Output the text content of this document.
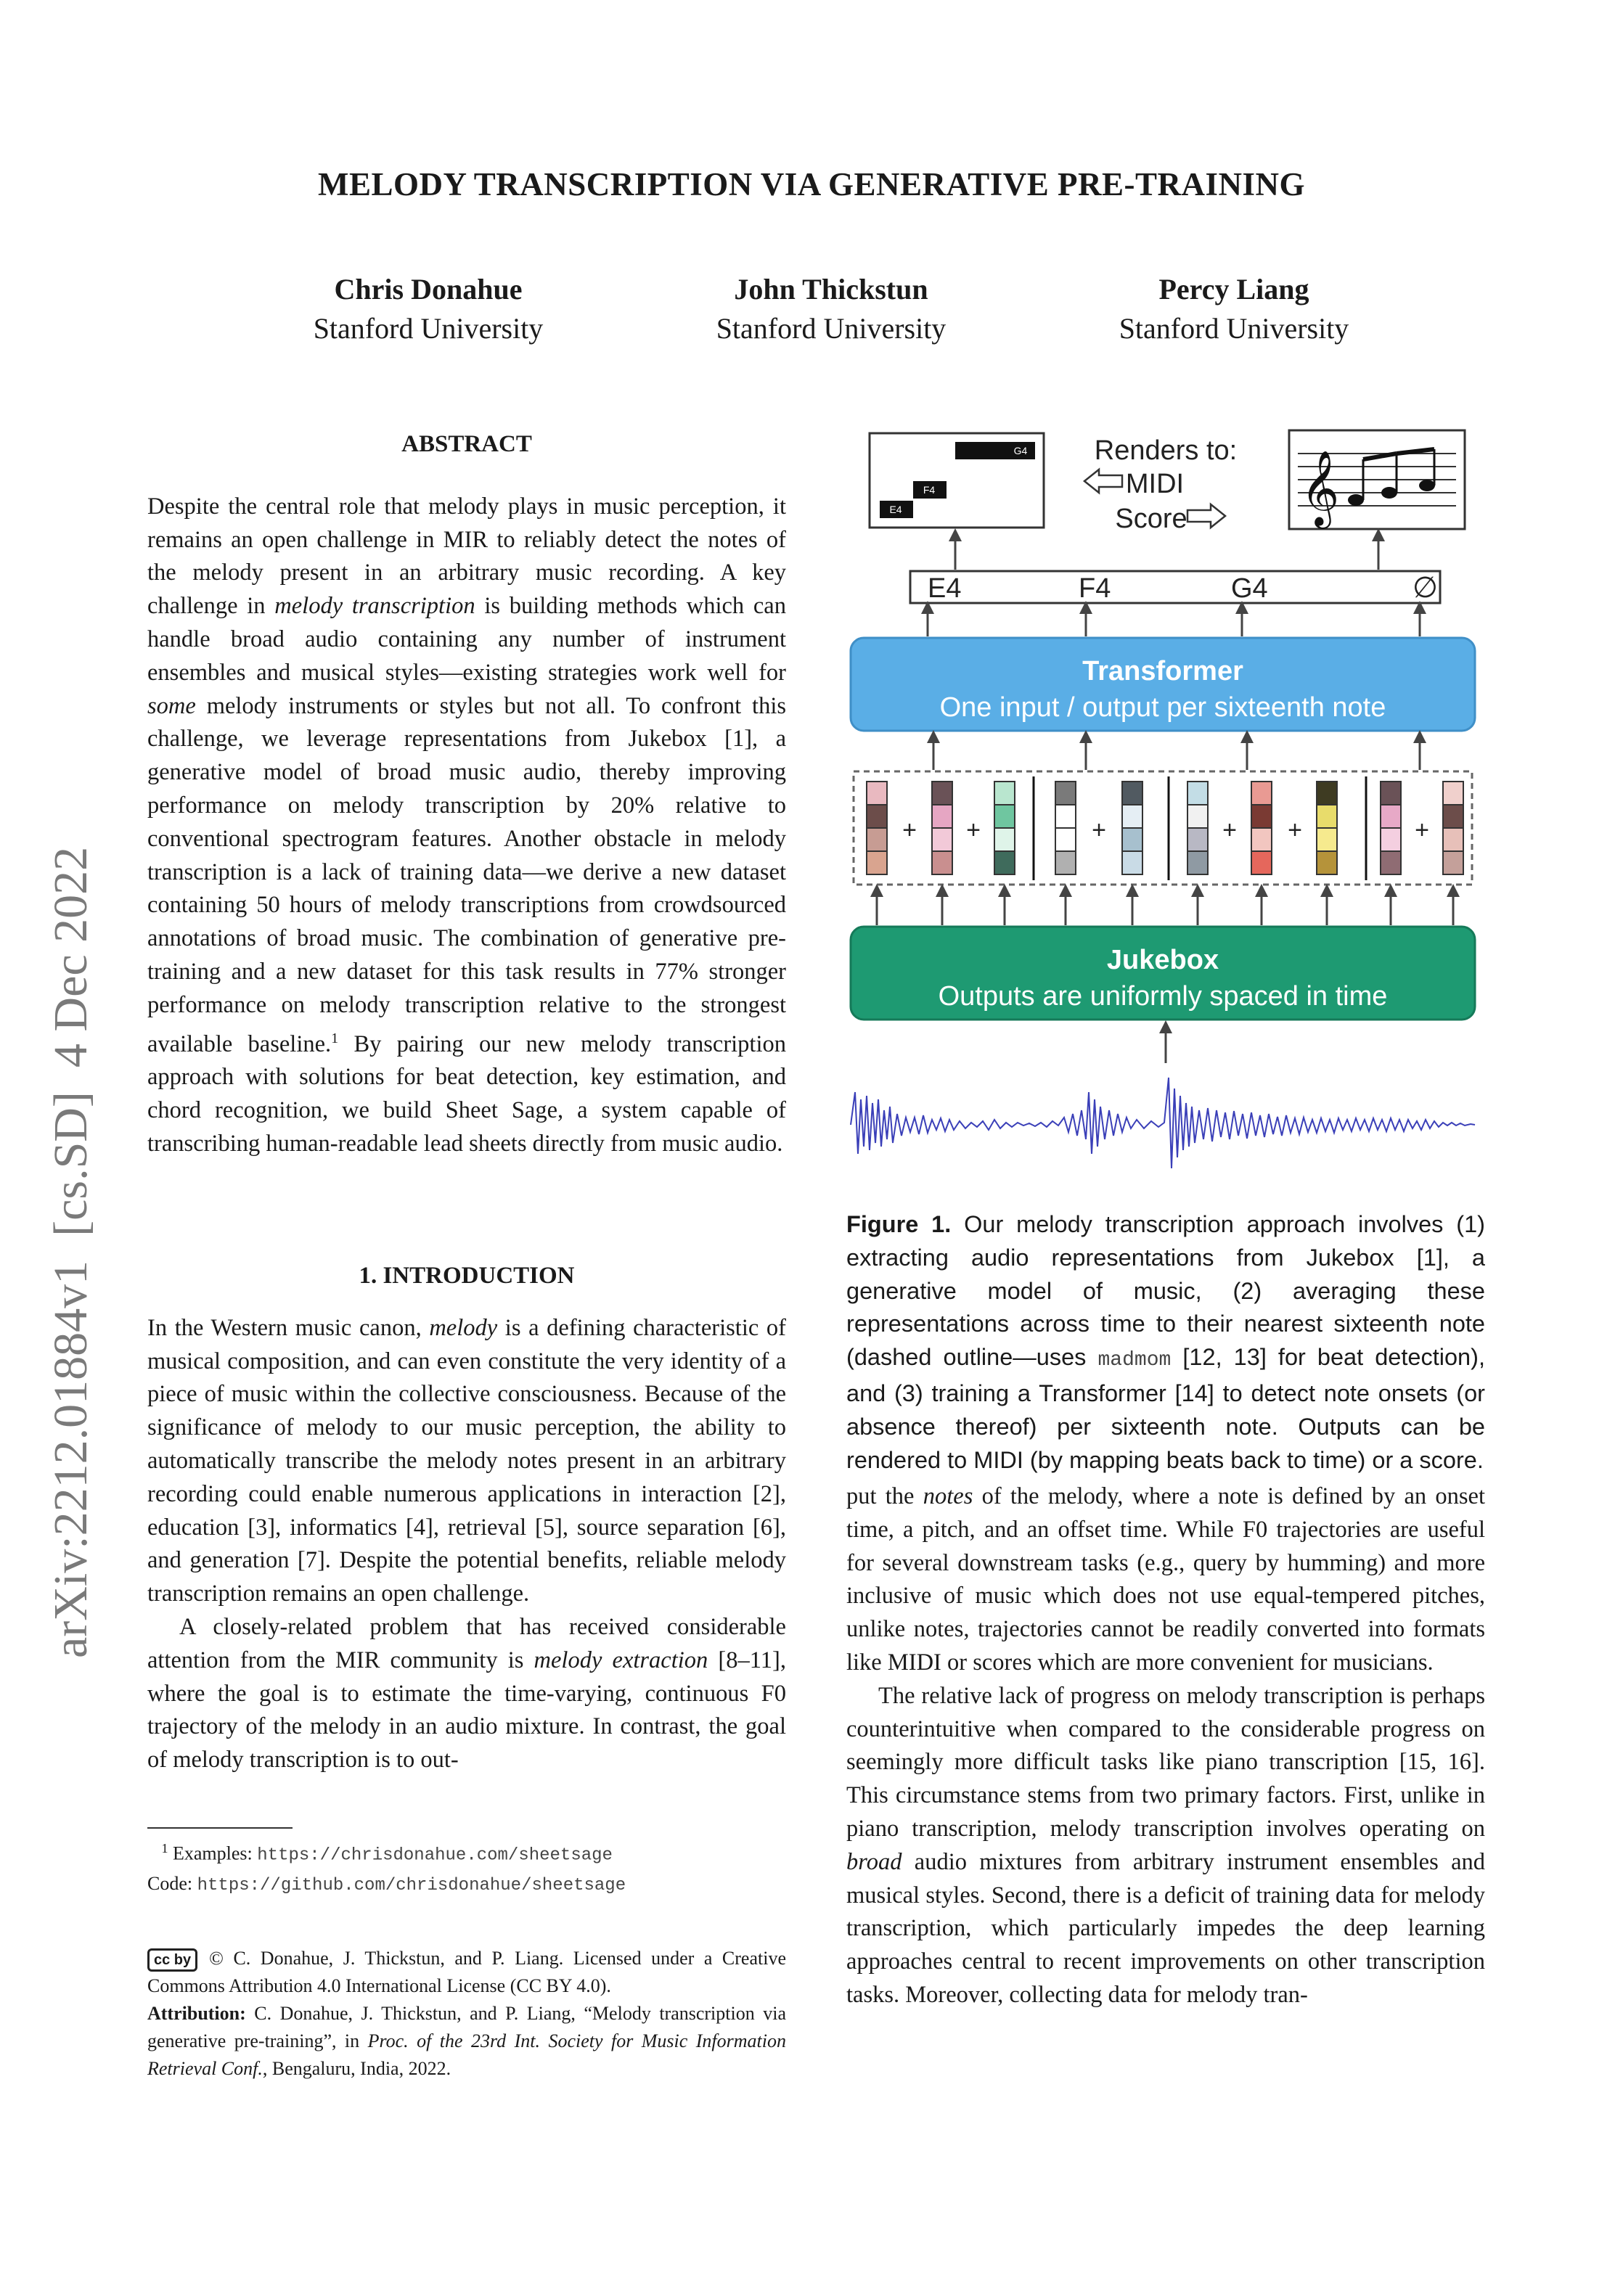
MELODY TRANSCRIPTION VIA GENERATIVE PRE-TRAINING
Chris Donahue
Stanford University
John Thickstun
Stanford University
Percy Liang
Stanford University
arXiv:2212.01884v1  [cs.SD]  4 Dec 2022
ABSTRACT

Despite the central role that melody plays in music perception, it remains an open challenge in MIR to reliably detect the notes of the melody present in an arbitrary music recording. A key challenge in melody transcription is building methods which can handle broad audio containing any number of instrument ensembles and musical styles—existing strategies work well for some melody instruments or styles but not all. To confront this challenge, we leverage representations from Jukebox [1], a generative model of broad music audio, thereby improving performance on melody transcription by 20% relative to conventional spectrogram features. Another obstacle in melody transcription is a lack of training data—we derive a new dataset containing 50 hours of melody transcriptions from crowdsourced annotations of broad music. The combination of generative pre-training and a new dataset for this task results in 77% stronger performance on melody transcription relative to the strongest available baseline.$^1$ By pairing our new melody transcription approach with solutions for beat detection, key estimation, and chord recognition, we build Sheet Sage, a system capable of transcribing human-readable lead sheets directly from music audio.

1. INTRODUCTION

In the Western music canon, melody is a defining characteristic of musical composition, and can even constitute the very identity of a piece of music within the collective consciousness. Because of the significance of melody to our music perception, the ability to automatically transcribe the melody notes present in an arbitrary recording could enable numerous applications in interaction [2], education [3], informatics [4], retrieval [5], source separation [6], and generation [7]. Despite the potential benefits, reliable melody transcription remains an open challenge.

A closely-related problem that has received considerable attention from the MIR community is melody extraction [8–11], where the goal is to estimate the time-varying, continuous F0 trajectory of the melody in an audio mixture. In contrast, the goal of melody transcription is to out-

$^1$ Examples: https://chrisdonahue.com/sheetsage
Code: https://github.com/chrisdonahue/sheetsage
cc by © C. Donahue, J. Thickstun, and P. Liang. Licensed under a Creative Commons Attribution 4.0 International License (CC BY 4.0).
Attribution: C. Donahue, J. Thickstun, and P. Liang, “Melody transcription via generative pre-training”, in Proc. of the 23rd Int. Society for Music Information Retrieval Conf., Bengaluru, India, 2022.
E4
F4
G4 Renders to:
MIDI
Score 𝄞
E4	F4	G4	∅
Transformer
One input / output per sixteenth note
+ +	+	+ +	+
Jukebox
Outputs are uniformly spaced in time
Figure 1. Our melody transcription approach involves (1) extracting audio representations from Jukebox [1], a generative model of music, (2) averaging these representations across time to their nearest sixteenth note (dashed outline—uses madmom [12, 13] for beat detection), and (3) training a Transformer [14] to detect note onsets (or absence thereof) per sixteenth note. Outputs can be rendered to MIDI (by mapping beats back to time) or a score.

put the notes of the melody, where a note is defined by an onset time, a pitch, and an offset time. While F0 trajectories are useful for several downstream tasks (e.g., query by humming) and more inclusive of music which does not use equal-tempered pitches, unlike notes, trajectories cannot be readily converted into formats like MIDI or scores which are more convenient for musicians.

The relative lack of progress on melody transcription is perhaps counterintuitive when compared to the considerable progress on seemingly more difficult tasks like piano transcription [15, 16]. This circumstance stems from two primary factors. First, unlike in piano transcription, melody transcription involves operating on broad audio mixtures from arbitrary instrument ensembles and musical styles. Second, there is a deficit of training data for melody transcription, which particularly impedes the deep learning approaches central to recent improvements on other transcription tasks. Moreover, collecting data for melody tran-
